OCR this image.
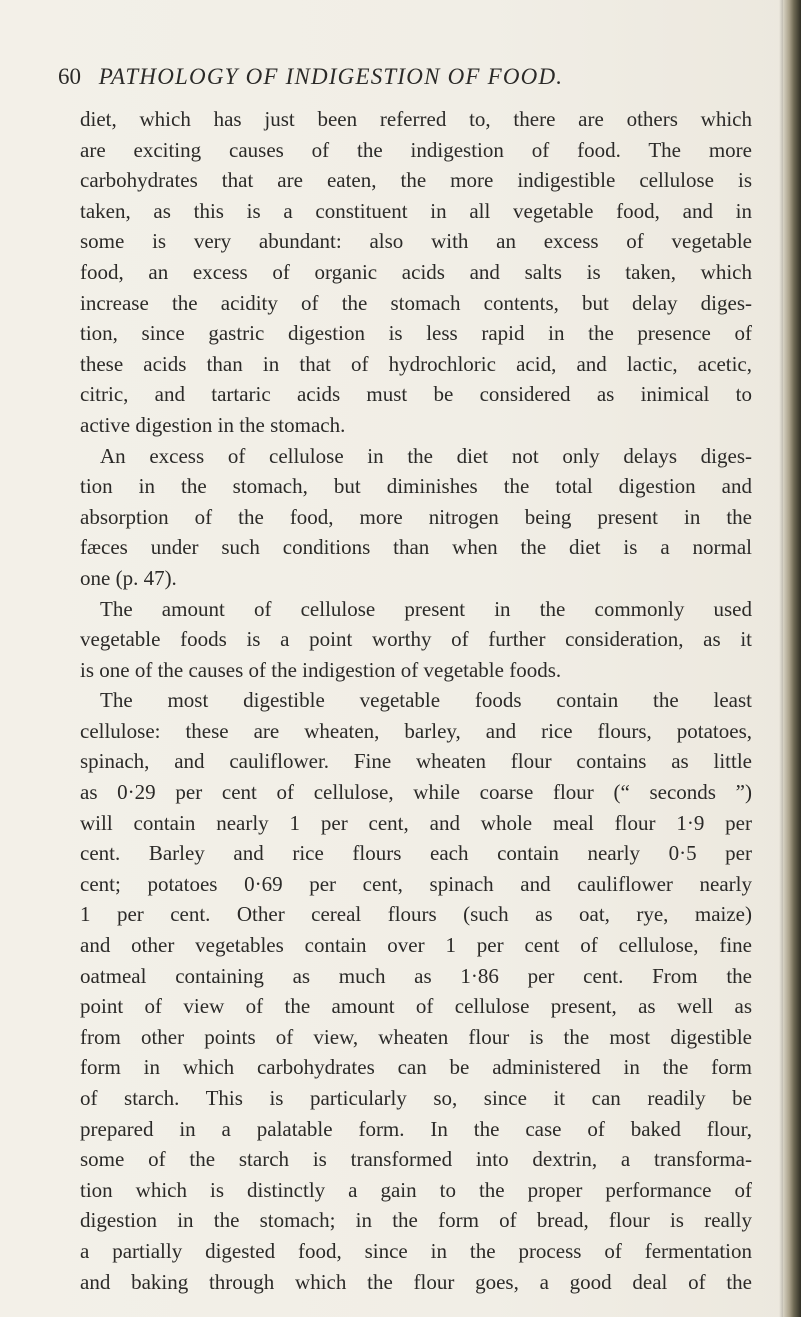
60 PATHOLOGY OF INDIGESTION OF FOOD.
diet, which has just been referred to, there are others which
are exciting causes of the indigestion of food. The more
carbohydrates that are eaten, the more indigestible cellulose is
taken, as this is a constituent in all vegetable food, and in
some is very abundant: also with an excess of vegetable
food, an excess of organic acids and salts is taken, which
increase the acidity of the stomach contents, but delay diges-
tion, since gastric digestion is less rapid in the presence of
these acids than in that of hydrochloric acid, and lactic, acetic,
citric, and tartaric acids must be considered as inimical to
active digestion in the stomach.
An excess of cellulose in the diet not only delays diges-
tion in the stomach, but diminishes the total digestion and
absorption of the food, more nitrogen being present in the
fæces under such conditions than when the diet is a normal
one (p. 47).
The amount of cellulose present in the commonly used
vegetable foods is a point worthy of further consideration, as it
is one of the causes of the indigestion of vegetable foods.
The most digestible vegetable foods contain the least
cellulose: these are wheaten, barley, and rice flours, potatoes,
spinach, and cauliflower. Fine wheaten flour contains as little
as 0·29 per cent of cellulose, while coarse flour (“ seconds ”)
will contain nearly 1 per cent, and whole meal flour 1·9 per
cent. Barley and rice flours each contain nearly 0·5 per
cent; potatoes 0·69 per cent, spinach and cauliflower nearly
1 per cent. Other cereal flours (such as oat, rye, maize)
and other vegetables contain over 1 per cent of cellulose, fine
oatmeal containing as much as 1·86 per cent. From the
point of view of the amount of cellulose present, as well as
from other points of view, wheaten flour is the most digestible
form in which carbohydrates can be administered in the form
of starch. This is particularly so, since it can readily be
prepared in a palatable form. In the case of baked flour,
some of the starch is transformed into dextrin, a transforma-
tion which is distinctly a gain to the proper performance of
digestion in the stomach; in the form of bread, flour is really
a partially digested food, since in the process of fermentation
and baking through which the flour goes, a good deal of the
